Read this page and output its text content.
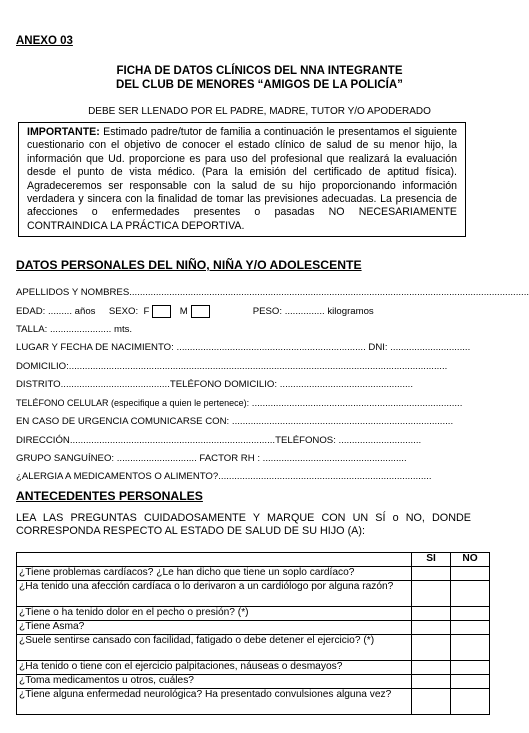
ANEXO 03
FICHA DE DATOS CLÍNICOS DEL NNA INTEGRANTE
DEL CLUB DE MENORES “AMIGOS DE LA POLICÍA”
DEBE SER LLENADO POR EL PADRE, MADRE, TUTOR Y/O APODERADO
IMPORTANTE: Estimado padre/tutor de familia a continuación le presentamos el siguiente cuestionario con el objetivo de conocer el estado clínico de salud de su menor hijo, la información que Ud. proporcione es para uso del profesional que realizará la evaluación desde el punto de vista médico. (Para la emisión del certificado de aptitud física). Agradeceremos ser responsable con la salud de su hijo proporcionando información verdadera y sincera con la finalidad de tomar las previsiones adecuadas. La presencia de afecciones o enfermedades presentes o pasadas NO NECESARIAMENTE CONTRAINDICA LA PRÁCTICA DEPORTIVA.
DATOS PERSONALES DEL NIÑO, NIÑA Y/O ADOLESCENTE
APELLIDOS Y NOMBRES......................................................................................................................................................
EDAD: ......... años SEXO: F	M	PESO: ............... kilogramos
TALLA: ....................... mts.
LUGAR Y FECHA DE NACIMIENTO: ....................................................................... DNI: ..............................
DOMICILIO:..............................................................................................................................................
DISTRITO.........................................TELÉFONO DOMICILIO: ..................................................
TELÉFONO CELULAR (especifique a quien le pertenece): ...............................................................................
EN CASO DE URGENCIA COMUNICARSE CON: ...................................................................................
DIRECCIÓN.............................................................................TELÉFONOS: ...............................
GRUPO SANGUÍNEO: .............................. FACTOR RH : ......................................................
¿ALERGIA A MEDICAMENTOS O ALIMENTO?................................................................................
ANTECEDENTES PERSONALES
LEA LAS PREGUNTAS CUIDADOSAMENTE Y MARQUE CON UN SÍ o NO, DONDE CORRESPONDA RESPECTO AL ESTADO DE SALUD DE SU HIJO (A):
	SI	NO
¿Tiene problemas cardíacos? ¿Le han dicho que tiene un soplo cardíaco?		
¿Ha tenido una afección cardíaca o lo derivaron a un cardiólogo por alguna razón?		
¿Tiene o ha tenido dolor en el pecho o presión? (*)		
¿Tiene Asma?		
¿Suele sentirse cansado con facilidad, fatigado o debe detener el ejercicio? (*)		
¿Ha tenido o tiene con el ejercicio palpitaciones, náuseas o desmayos?		
¿Toma medicamentos u otros, cuáles?		
¿Tiene alguna enfermedad neurológica? Ha presentado convulsiones alguna vez?		
